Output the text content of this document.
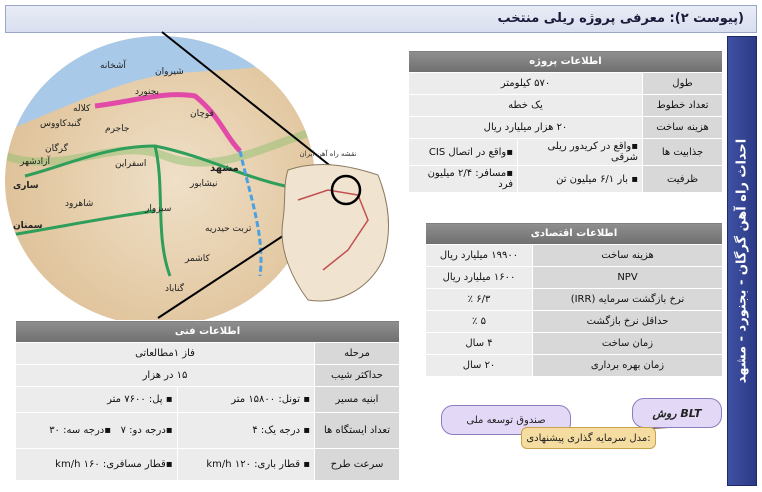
(پیوست ۲): معرفی پروژه ریلی منتخب
احداث راه آهن گرگان - بجنورد - مشهد
بجنورد
مشهد
گرگان
ساری
سمنان
شاهرود	سبزوار
نیشابور
شیروان
قوچان
جاجرم
اسفراین
تربت حیدریه
کاشمر
گناباد
آشخانه
گنبدکاووس
کلاله
آزادشهر
نقشه راه آهن ایران
اطلاعات پروژه		
طول	۵۷۰ کیلومتر	
تعداد خطوط	یک خطه	
هزینه ساخت	۲۰ هزار میلیارد ریال	
جذابیت ها	▪واقع در کریدور ریلی شرقی	▪واقع در اتصال CIS
ظرفیت	▪ بار ۶/۱ میلیون تن	▪مسافر: ۲/۴ میلیون فرد
اطلاعات اقتصادی	
هزینه ساخت	۱۹۹۰۰ میلیارد ریال
NPV	۱۶۰۰ میلیارد ریال
نرخ بازگشت سرمایه (IRR)	۶/۳ ٪
حداقل نرخ بازگشت	۵ ٪
زمان ساخت	۴ سال
زمان بهره برداری	۲۰ سال
اطلاعات فنی		
مرحله	فاز ۱مطالعاتی	
حداکثر شیب	۱۵ در هزار	
ابنیه مسیر	▪ تونل: ۱۵۸۰۰ متر	▪ پل: ۷۶۰۰ متر
تعداد ایستگاه ها	▪ درجه یک: ۴	▪درجه دو: ۷   ▪درجه سه: ۳۰
سرعت طرح	▪ قطار باری: ۱۲۰ km/h	▪قطار مسافری: ۱۶۰ km/h
صندوق توسعه ملی
روش BLT
مدل سرمایه گذاری پیشنهادی:
